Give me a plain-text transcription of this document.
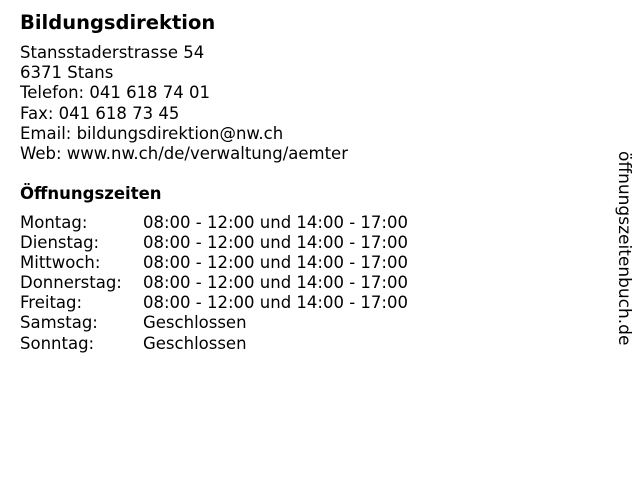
Bildungsdirektion
Stansstaderstrasse 54
6371 Stans
Telefon: 041 618 74 01
Fax: 041 618 73 45
Email: bildungsdirektion@nw.ch
Web: www.nw.ch/de/verwaltung/aemter
Öffnungszeiten
Montag:	08:00 - 12:00 und 14:00 - 17:00
Dienstag:	08:00 - 12:00 und 14:00 - 17:00
Mittwoch:	08:00 - 12:00 und 14:00 - 17:00
Donnerstag: 08:00 - 12:00 und 14:00 - 17:00
Freitag:	08:00 - 12:00 und 14:00 - 17:00
Samstag:	Geschlossen
Sonntag:	Geschlossen	öffnungszeitenbuch.de
